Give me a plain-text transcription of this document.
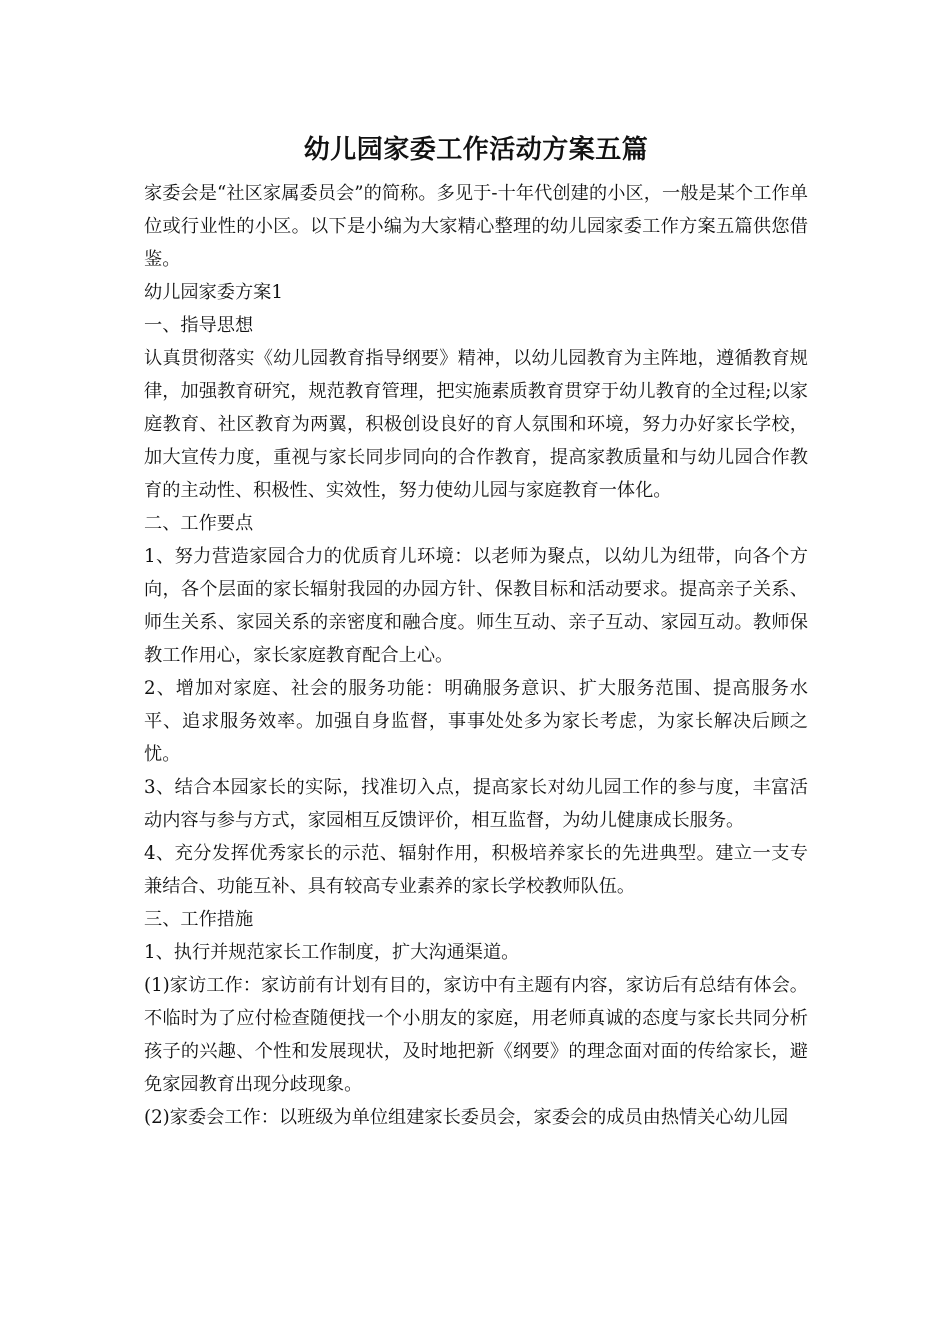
幼儿园家委工作活动方案五篇

家委会是“社区家属委员会”的简称。多见于-十年代创建的小区，一般是某个工作单位或行业性的小区。以下是小编为大家精心整理的幼儿园家委工作方案五篇供您借鉴。

幼儿园家委方案1

一、指导思想

认真贯彻落实《幼儿园教育指导纲要》精神，以幼儿园教育为主阵地，遵循教育规律，加强教育研究，规范教育管理，把实施素质教育贯穿于幼儿教育的全过程;以家庭教育、社区教育为两翼，积极创设良好的育人氛围和环境，努力办好家长学校，加大宣传力度，重视与家长同步同向的合作教育，提高家教质量和与幼儿园合作教育的主动性、积极性、实效性，努力使幼儿园与家庭教育一体化。

二、工作要点

1、努力营造家园合力的优质育儿环境：以老师为聚点，以幼儿为纽带，向各个方向，各个层面的家长辐射我园的办园方针、保教目标和活动要求。提高亲子关系、师生关系、家园关系的亲密度和融合度。师生互动、亲子互动、家园互动。教师保教工作用心，家长家庭教育配合上心。

2、增加对家庭、社会的服务功能：明确服务意识、扩大服务范围、提高服务水平、追求服务效率。加强自身监督，事事处处多为家长考虑，为家长解决后顾之忧。

3、结合本园家长的实际，找准切入点，提高家长对幼儿园工作的参与度，丰富活动内容与参与方式，家园相互反馈评价，相互监督，为幼儿健康成长服务。

4、充分发挥优秀家长的示范、辐射作用，积极培养家长的先进典型。建立一支专兼结合、功能互补、具有较高专业素养的家长学校教师队伍。

三、工作措施

1、执行并规范家长工作制度，扩大沟通渠道。

(1)家访工作：家访前有计划有目的，家访中有主题有内容，家访后有总结有体会。不临时为了应付检查随便找一个小朋友的家庭，用老师真诚的态度与家长共同分析孩子的兴趣、个性和发展现状，及时地把新《纲要》的理念面对面的传给家长，避免家园教育出现分歧现象。

(2)家委会工作：以班级为单位组建家长委员会，家委会的成员由热情关心幼儿园
